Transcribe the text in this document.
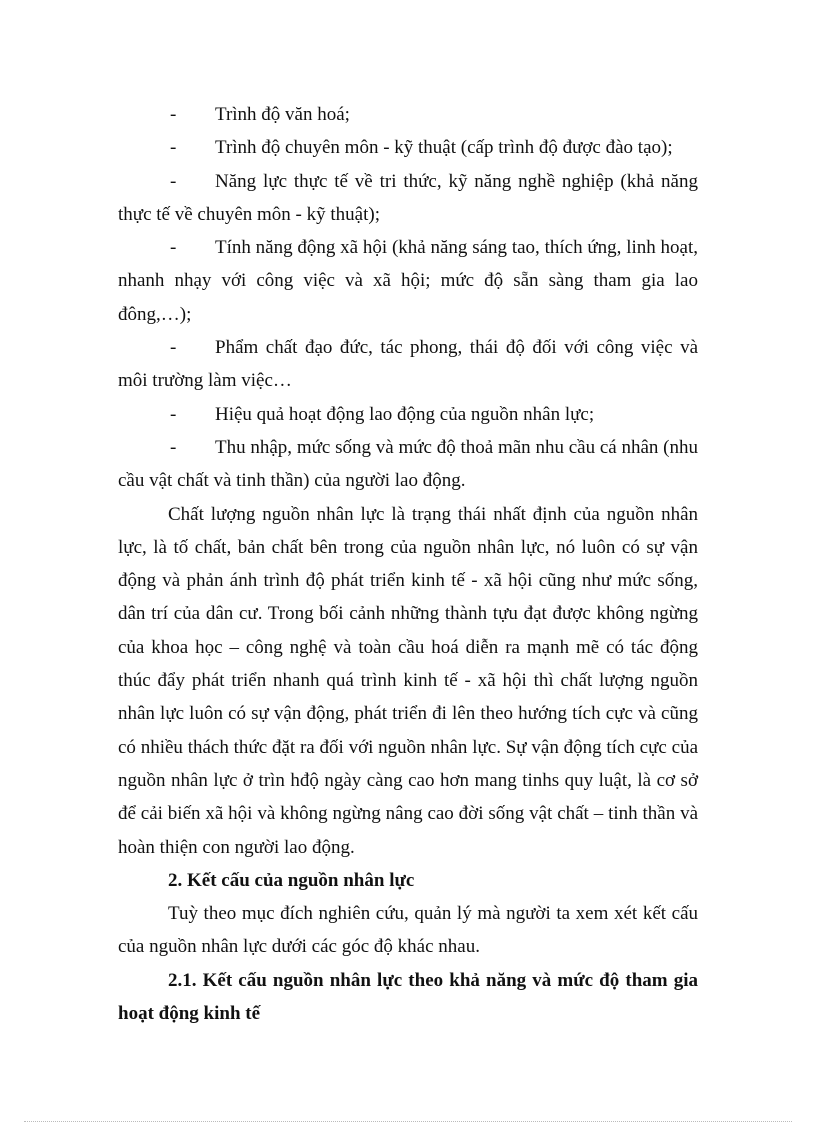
- Trình độ văn hoá;

- Trình độ chuyên môn - kỹ thuật (cấp trình độ được đào tạo);

- Năng lực thực tế về tri thức, kỹ năng nghề nghiệp (khả năng thực tế về chuyên môn - kỹ thuật);

- Tính năng động xã hội (khả năng sáng tao, thích ứng, linh hoạt, nhanh nhạy với công việc và xã hội; mức độ sẵn sàng tham gia lao đông,…);

- Phẩm chất đạo đức, tác phong, thái độ đối với công việc và môi trường làm việc…

- Hiệu quả hoạt động lao động của nguồn nhân lực;

- Thu nhập, mức sống và mức độ thoả mãn nhu cầu cá nhân (nhu cầu vật chất và tinh thần) của người lao động.

Chất lượng nguồn nhân lực là trạng thái nhất định của nguồn nhân lực, là tố chất, bản chất bên trong của nguồn nhân lực, nó luôn có sự vận động và phản ánh trình độ phát triển kinh tế - xã hội cũng như mức sống, dân trí của dân cư. Trong bối cảnh những thành tựu đạt được không ngừng của khoa học – công nghệ và toàn cầu hoá diễn ra mạnh mẽ có tác động thúc đẩy phát triển nhanh quá trình kinh tế - xã hội thì chất lượng nguồn nhân lực luôn có sự vận động, phát triển đi lên theo hướng tích cực và cũng có nhiều thách thức đặt ra đối với nguồn nhân lực. Sự vận động tích cực của nguồn nhân lực ở trìn hđộ ngày càng cao hơn mang tinhs quy luật, là cơ sở để cải biến xã hội và không ngừng nâng cao đời sống vật chất – tinh thần và hoàn thiện con người lao động.

2. Kết cấu của nguồn nhân lực

Tuỳ theo mục đích nghiên cứu, quản lý mà người ta xem xét kết cấu của nguồn nhân lực dưới các góc độ khác nhau.

2.1. Kết cấu nguồn nhân lực theo khả năng và mức độ tham gia hoạt động kinh tế
